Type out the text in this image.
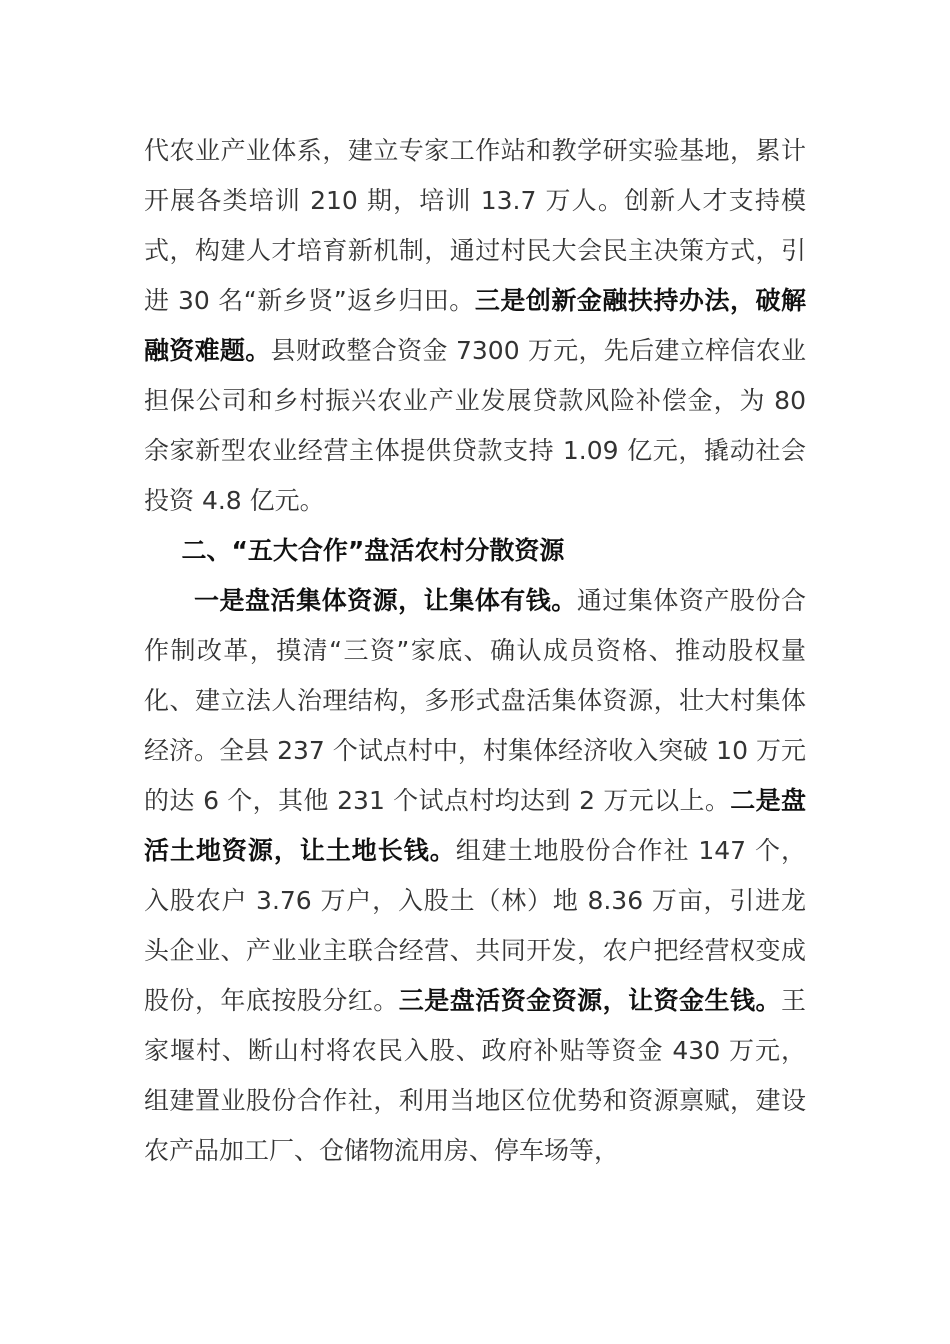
代农业产业体系，建立专家工作站和教学研实验基地，累计开展各类培训 210 期，培训 13.7 万人。创新人才支持模式，构建人才培育新机制，通过村民大会民主决策方式，引进 30 名“新乡贤”返乡归田。三是创新金融扶持办法，破解融资难题。县财政整合资金 7300 万元，先后建立梓信农业担保公司和乡村振兴农业产业发展贷款风险补偿金，为 80 余家新型农业经营主体提供贷款支持 1.09 亿元，撬动社会投资 4.8 亿元。

二、“五大合作”盘活农村分散资源

一是盘活集体资源，让集体有钱。通过集体资产股份合作制改革，摸清“三资”家底、确认成员资格、推动股权量化、建立法人治理结构，多形式盘活集体资源，壮大村集体经济。全县 237 个试点村中，村集体经济收入突破 10 万元的达 6 个，其他 231 个试点村均达到 2 万元以上。二是盘活土地资源，让土地长钱。组建土地股份合作社 147 个，入股农户 3.76 万户，入股土（林）地 8.36 万亩，引进龙头企业、产业业主联合经营、共同开发，农户把经营权变成股份，年底按股分红。三是盘活资金资源，让资金生钱。王家堰村、断山村将农民入股、政府补贴等资金 430 万元，组建置业股份合作社，利用当地区位优势和资源禀赋，建设农产品加工厂、仓储物流用房、停车场等，
